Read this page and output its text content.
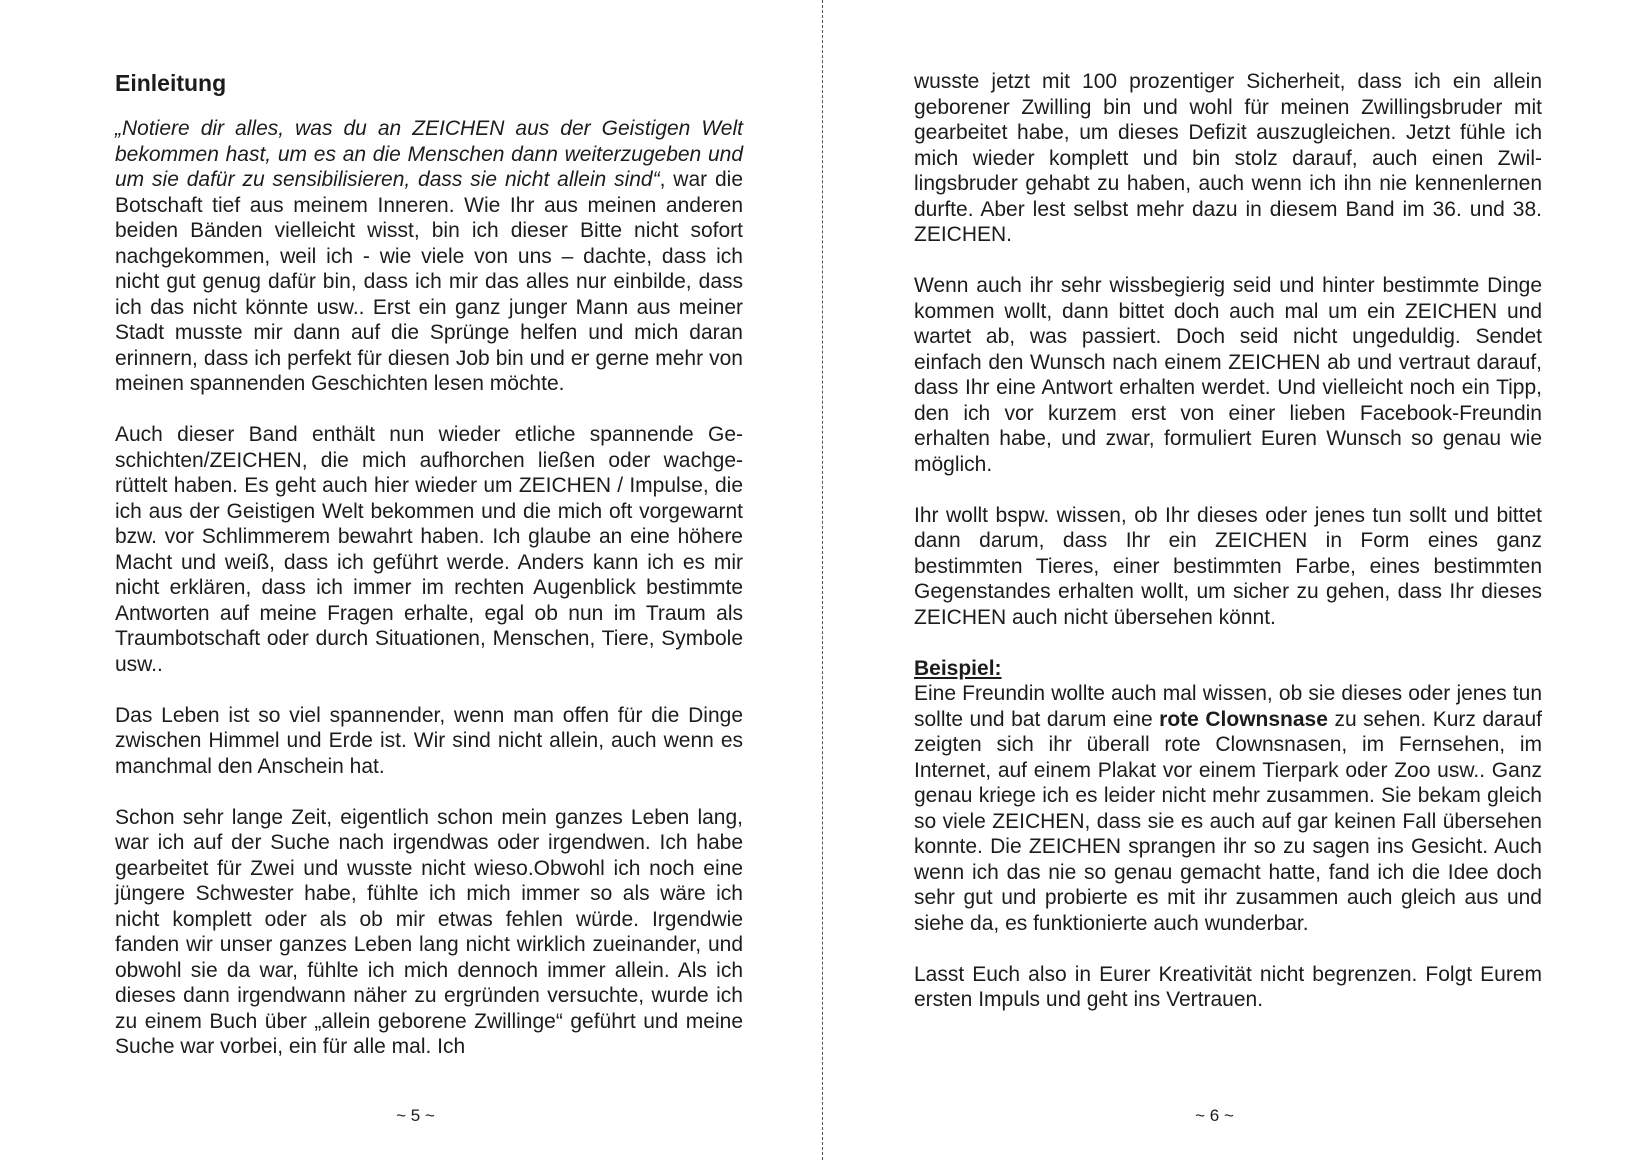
Einleitung

„Notiere dir alles, was du an ZEICHEN aus der Geistigen Welt bekommen hast, um es an die Menschen dann weiterzugeben und um sie dafür zu sensibilisieren, dass sie nicht allein sind“, war die Botschaft tief aus meinem Inneren. Wie Ihr aus meinen anderen beiden Bänden vielleicht wisst, bin ich dieser Bitte nicht sofort nachgekommen, weil ich - wie viele von uns – dachte, dass ich nicht gut genug dafür bin, dass ich mir das alles nur einbilde, dass ich das nicht könnte usw.. Erst ein ganz junger Mann aus meiner Stadt musste mir dann auf die Sprünge helfen und mich daran erinnern, dass ich perfekt für diesen Job bin und er gerne mehr von meinen spannenden Geschichten lesen möchte.

Auch dieser Band enthält nun wieder etliche spannende Geschichten/ZEICHEN, die mich aufhorchen ließen oder wachgerüttelt haben. Es geht auch hier wieder um ZEICHEN / Impulse, die ich aus der Geistigen Welt bekommen und die mich oft vorgewarnt bzw. vor Schlimmerem bewahrt haben. Ich glaube an eine höhere Macht und weiß, dass ich geführt werde. Anders kann ich es mir nicht erklären, dass ich immer im rechten Augenblick bestimmte Antworten auf meine Fragen erhalte, egal ob nun im Traum als Traumbotschaft oder durch Situationen, Menschen, Tiere, Symbole usw..

Das Leben ist so viel spannender, wenn man offen für die Dinge zwischen Himmel und Erde ist. Wir sind nicht allein, auch wenn es manchmal den Anschein hat.

Schon sehr lange Zeit, eigentlich schon mein ganzes Leben lang, war ich auf der Suche nach irgendwas oder irgendwen. Ich habe gearbeitet für Zwei und wusste nicht wieso.Obwohl ich noch eine jüngere Schwester habe, fühlte ich mich immer so als wäre ich nicht komplett oder als ob mir etwas fehlen würde. Irgendwie fanden wir unser ganzes Leben lang nicht wirklich zueinander, und obwohl sie da war, fühlte ich mich dennoch immer allein. Als ich dieses dann irgendwann näher zu ergründen versuchte, wurde ich zu einem Buch über „allein geborene Zwillinge“ geführt und meine Suche war vorbei, ein für alle mal. Ich

~ 5 ~

wusste jetzt mit 100 prozentiger Sicherheit, dass ich ein allein geborener Zwilling bin und wohl für meinen Zwillingsbruder mit gearbeitet habe, um dieses Defizit auszugleichen. Jetzt fühle ich mich wieder komplett und bin stolz darauf, auch einen Zwillingsbruder gehabt zu haben, auch wenn ich ihn nie kennenlernen durfte. Aber lest selbst mehr dazu in diesem Band im 36. und 38. ZEICHEN.

Wenn auch ihr sehr wissbegierig seid und hinter bestimmte Dinge kommen wollt, dann bittet doch auch mal um ein ZEICHEN und wartet ab, was passiert. Doch seid nicht ungeduldig. Sendet einfach den Wunsch nach einem ZEICHEN ab und vertraut darauf, dass Ihr eine Antwort erhalten werdet. Und vielleicht noch ein Tipp, den ich vor kurzem erst von einer lieben Facebook-Freundin erhalten habe, und zwar, formuliert Euren Wunsch so genau wie möglich.

Ihr wollt bspw. wissen, ob Ihr dieses oder jenes tun sollt und bittet dann darum, dass Ihr ein ZEICHEN in Form eines ganz bestimmten Tieres, einer bestimmten Farbe, eines bestimmten Gegenstandes erhalten wollt, um sicher zu gehen, dass Ihr dieses ZEICHEN auch nicht übersehen könnt.

Beispiel:
Eine Freundin wollte auch mal wissen, ob sie dieses oder jenes tun sollte und bat darum eine rote Clownsnase zu sehen. Kurz darauf zeigten sich ihr überall rote Clownsnasen, im Fernsehen, im Internet, auf einem Plakat vor einem Tierpark oder Zoo usw.. Ganz genau kriege ich es leider nicht mehr zusammen. Sie bekam gleich so viele ZEICHEN, dass sie es auch auf gar keinen Fall übersehen konnte. Die ZEICHEN sprangen ihr so zu sagen ins Gesicht. Auch wenn ich das nie so genau gemacht hatte, fand ich die Idee doch sehr gut und probierte es mit ihr zusammen auch gleich aus und siehe da, es funktionierte auch wunderbar.

Lasst Euch also in Eurer Kreativität nicht begrenzen. Folgt Eurem ersten Impuls und geht ins Vertrauen.

~ 6 ~
